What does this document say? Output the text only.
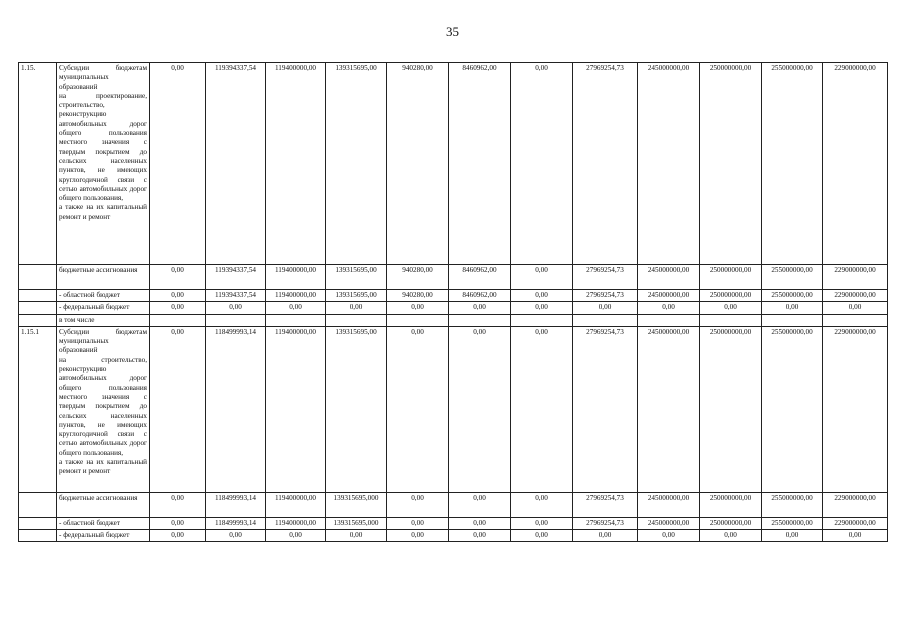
35
1.15.	Субсидии бюджетам муниципальных образований
на проектирование, строительство, реконструкцию автомобильных дорог общего пользования местного значения с твердым покрытием до сельских населенных пунктов, не имеющих круглогодичной связи с сетью автомобильных дорог общего пользования,
а также на их капитальный ремонт и ремонт	0,00	119394337,54	119400000,00	139315695,00	940280,00	8460962,00	0,00	27969254,73	245000000,00	250000000,00	255000000,00	229000000,00
	бюджетные ассигнования	0,00	119394337,54	119400000,00	139315695,00	940280,00	8460962,00	0,00	27969254,73	245000000,00	250000000,00	255000000,00	229000000,00
	- областной бюджет	0,00	119394337,54	119400000,00	139315695,00	940280,00	8460962,00	0,00	27969254,73	245000000,00	250000000,00	255000000,00	229000000,00
	- федеральный бюджет	0,00	0,00	0,00	0,00	0,00	0,00	0,00	0,00	0,00	0,00	0,00	0,00
	в том числе												
1.15.1	Субсидии бюджетам муниципальных образований
на строительство, реконструкцию автомобильных дорог общего пользования местного значения с твердым покрытием до сельских населенных пунктов, не имеющих круглогодичной связи с сетью автомобильных дорог общего пользования,
а также на их капитальный ремонт и ремонт	0,00	118499993,14	119400000,00	139315695,00	0,00	0,00	0,00	27969254,73	245000000,00	250000000,00	255000000,00	229000000,00
	бюджетные ассигнования	0,00	118499993,14	119400000,00	139315695,000	0,00	0,00	0,00	27969254,73	245000000,00	250000000,00	255000000,00	229000000,00
	- областной бюджет	0,00	118499993,14	119400000,00	139315695,000	0,00	0,00	0,00	27969254,73	245000000,00	250000000,00	255000000,00	229000000,00
	- федеральный бюджет	0,00	0,00	0,00	0,00	0,00	0,00	0,00	0,00	0,00	0,00	0,00	0,00
